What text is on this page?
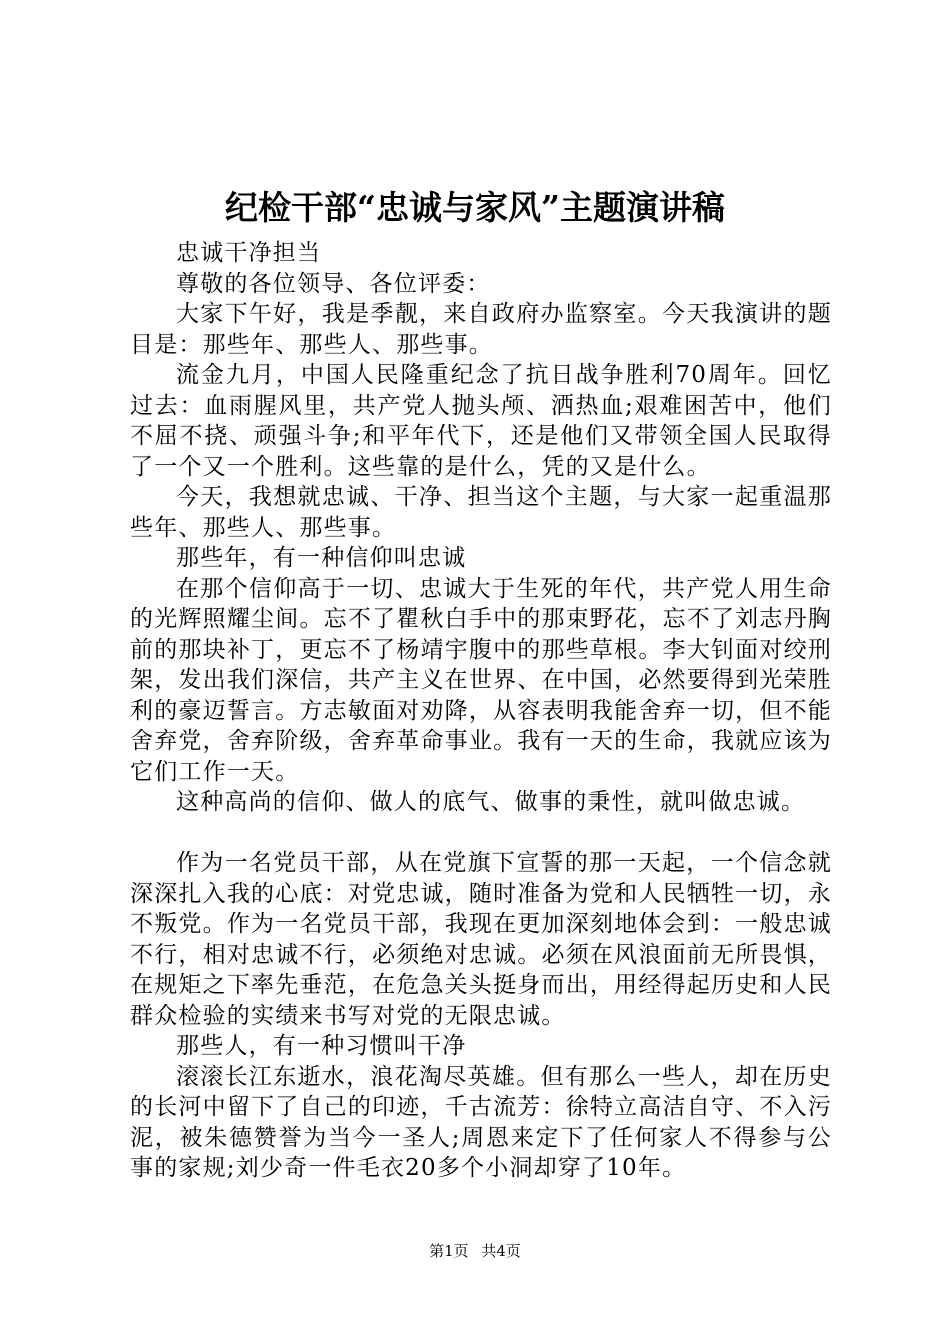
纪检干部“忠诚与家风”主题演讲稿

忠诚干净担当

尊敬的各位领导、各位评委：

大家下午好，我是季靓，来自政府办监察室。今天我演讲的题目是：那些年、那些人、那些事。

流金九月，中国人民隆重纪念了抗日战争胜利70周年。回忆过去：血雨腥风里，共产党人抛头颅、洒热血;艰难困苦中，他们不屈不挠、顽强斗争;和平年代下，还是他们又带领全国人民取得了一个又一个胜利。这些靠的是什么，凭的又是什么。

今天，我想就忠诚、干净、担当这个主题，与大家一起重温那些年、那些人、那些事。

那些年，有一种信仰叫忠诚

在那个信仰高于一切、忠诚大于生死的年代，共产党人用生命的光辉照耀尘间。忘不了瞿秋白手中的那束野花，忘不了刘志丹胸前的那块补丁，更忘不了杨靖宇腹中的那些草根。李大钊面对绞刑架，发出我们深信，共产主义在世界、在中国，必然要得到光荣胜利的豪迈誓言。方志敏面对劝降，从容表明我能舍弃一切，但不能舍弃党，舍弃阶级，舍弃革命事业。我有一天的生命，我就应该为它们工作一天。

这种高尚的信仰、做人的底气、做事的秉性，就叫做忠诚。

作为一名党员干部，从在党旗下宣誓的那一天起，一个信念就深深扎入我的心底：对党忠诚，随时准备为党和人民牺牲一切，永不叛党。作为一名党员干部，我现在更加深刻地体会到：一般忠诚不行，相对忠诚不行，必须绝对忠诚。必须在风浪面前无所畏惧，在规矩之下率先垂范，在危急关头挺身而出，用经得起历史和人民群众检验的实绩来书写对党的无限忠诚。

那些人，有一种习惯叫干净

滚滚长江东逝水，浪花淘尽英雄。但有那么一些人，却在历史的长河中留下了自己的印迹，千古流芳：徐特立高洁自守、不入污泥，被朱德赞誉为当今一圣人;周恩来定下了任何家人不得参与公事的家规;刘少奇一件毛衣20多个小洞却穿了10年。

第1页 共4页
